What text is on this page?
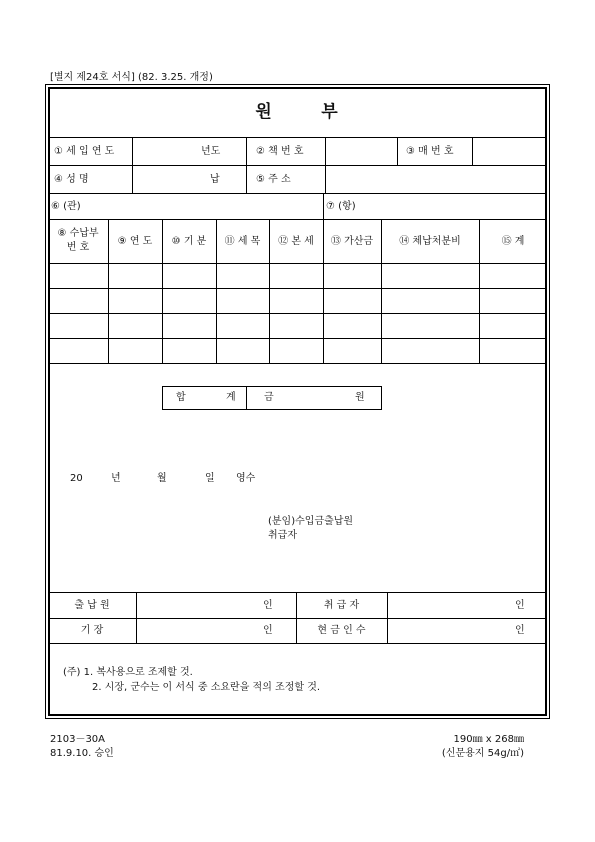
[별지 제24호 서식] (82. 3.25. 개정)
원      부
① 세 입 연 도	년도	② 책 번 호	③ 매 번 호
④ 성 명	납	⑤ 주 소
⑥ (관)	⑦ (항)
⑧ 수납부
번 호
⑨ 연 도	⑩ 기 분	⑪ 세 목	⑫ 본 세	⑬ 가산금	⑭ 체납처분비	⑮ 계
합	계	금	원
20	년	월	일 영수
(분임)수입금출납원
취급자
출 납 원	인	취 급 자	인
기 장	인	현 금 인 수	인
(주) 1. 복사용으로 조제할 것.
2. 시장, 군수는 이 서식 중 소요란을 적의 조정할 것.
2103－30A
81.9.10. 승인
190㎜ x 268㎜
(신문용지 54g/㎡)
